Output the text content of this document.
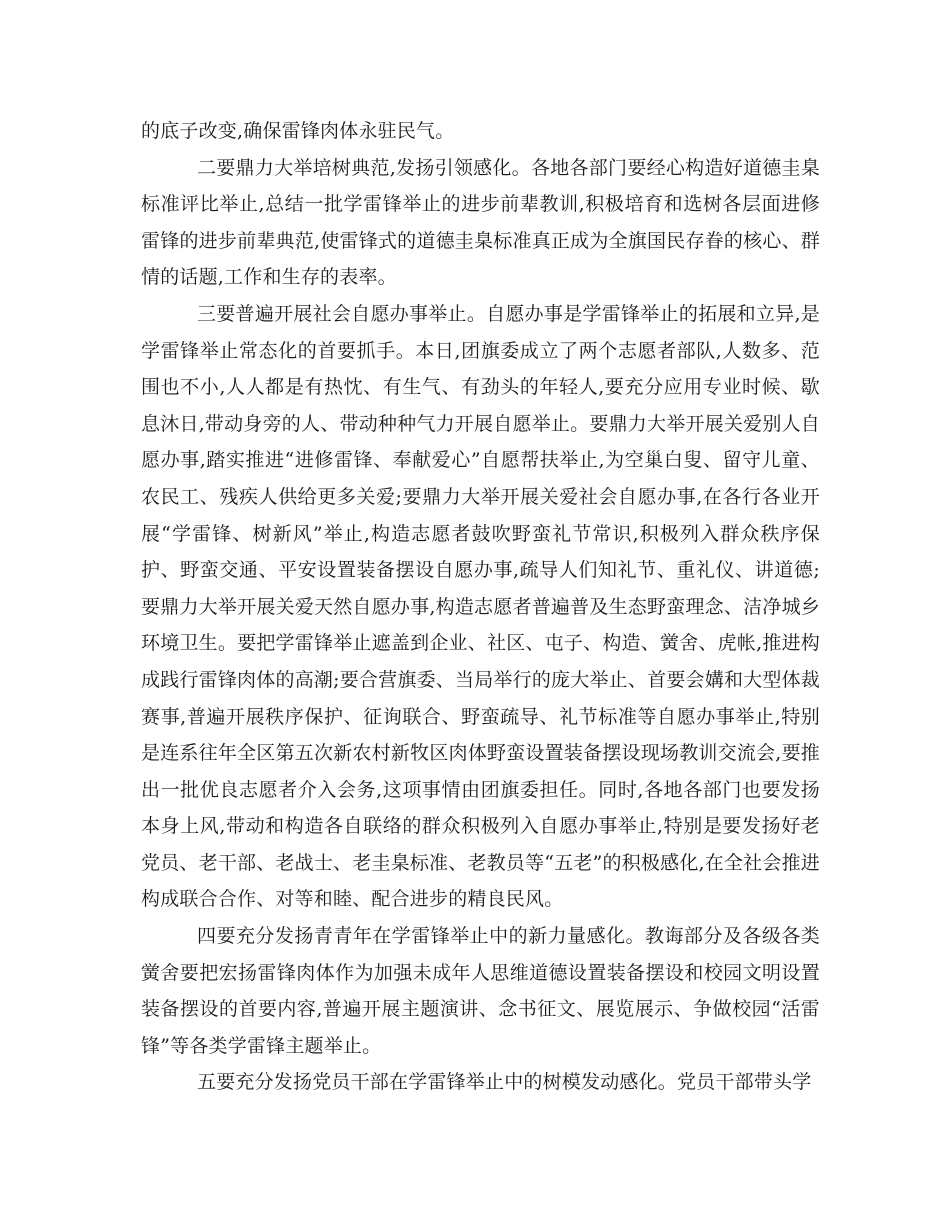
的底子改变,确保雷锋肉体永驻民气。

二要鼎力大举培树典范,发扬引领感化。各地各部门要经心构造好道德圭臬标准评比举止,总结一批学雷锋举止的进步前辈教训,积极培育和选树各层面进修雷锋的进步前辈典范,使雷锋式的道德圭臬标准真正成为全旗国民存眷的核心、群情的话题,工作和生存的表率。

三要普遍开展社会自愿办事举止。自愿办事是学雷锋举止的拓展和立异,是学雷锋举止常态化的首要抓手。本日,团旗委成立了两个志愿者部队,人数多、范围也不小,人人都是有热忱、有生气、有劲头的年轻人,要充分应用专业时候、歇息沐日,带动身旁的人、带动种种气力开展自愿举止。要鼎力大举开展关爱别人自愿办事,踏实推进“进修雷锋、奉献爱心”自愿帮扶举止,为空巢白叟、留守儿童、农民工、残疾人供给更多关爱;要鼎力大举开展关爱社会自愿办事,在各行各业开展“学雷锋、树新风”举止,构造志愿者鼓吹野蛮礼节常识,积极列入群众秩序保护、野蛮交通、平安设置装备摆设自愿办事,疏导人们知礼节、重礼仪、讲道德;要鼎力大举开展关爱天然自愿办事,构造志愿者普遍普及生态野蛮理念、洁净城乡环境卫生。要把学雷锋举止遮盖到企业、社区、屯子、构造、黉舍、虎帐,推进构成践行雷锋肉体的高潮;要合营旗委、当局举行的庞大举止、首要会媾和大型体裁赛事,普遍开展秩序保护、征询联合、野蛮疏导、礼节标准等自愿办事举止,特别是连系往年全区第五次新农村新牧区肉体野蛮设置装备摆设现场教训交流会,要推出一批优良志愿者介入会务,这项事情由团旗委担任。同时,各地各部门也要发扬本身上风,带动和构造各自联络的群众积极列入自愿办事举止,特别是要发扬好老党员、老干部、老战士、老圭臬标准、老教员等“五老”的积极感化,在全社会推进构成联合合作、对等和睦、配合进步的精良民风。

四要充分发扬青青年在学雷锋举止中的新力量感化。教诲部分及各级各类黉舍要把宏扬雷锋肉体作为加强未成年人思维道德设置装备摆设和校园文明设置装备摆设的首要内容,普遍开展主题演讲、念书征文、展览展示、争做校园“活雷锋”等各类学雷锋主题举止。

五要充分发扬党员干部在学雷锋举止中的树模发动感化。党员干部带头学
